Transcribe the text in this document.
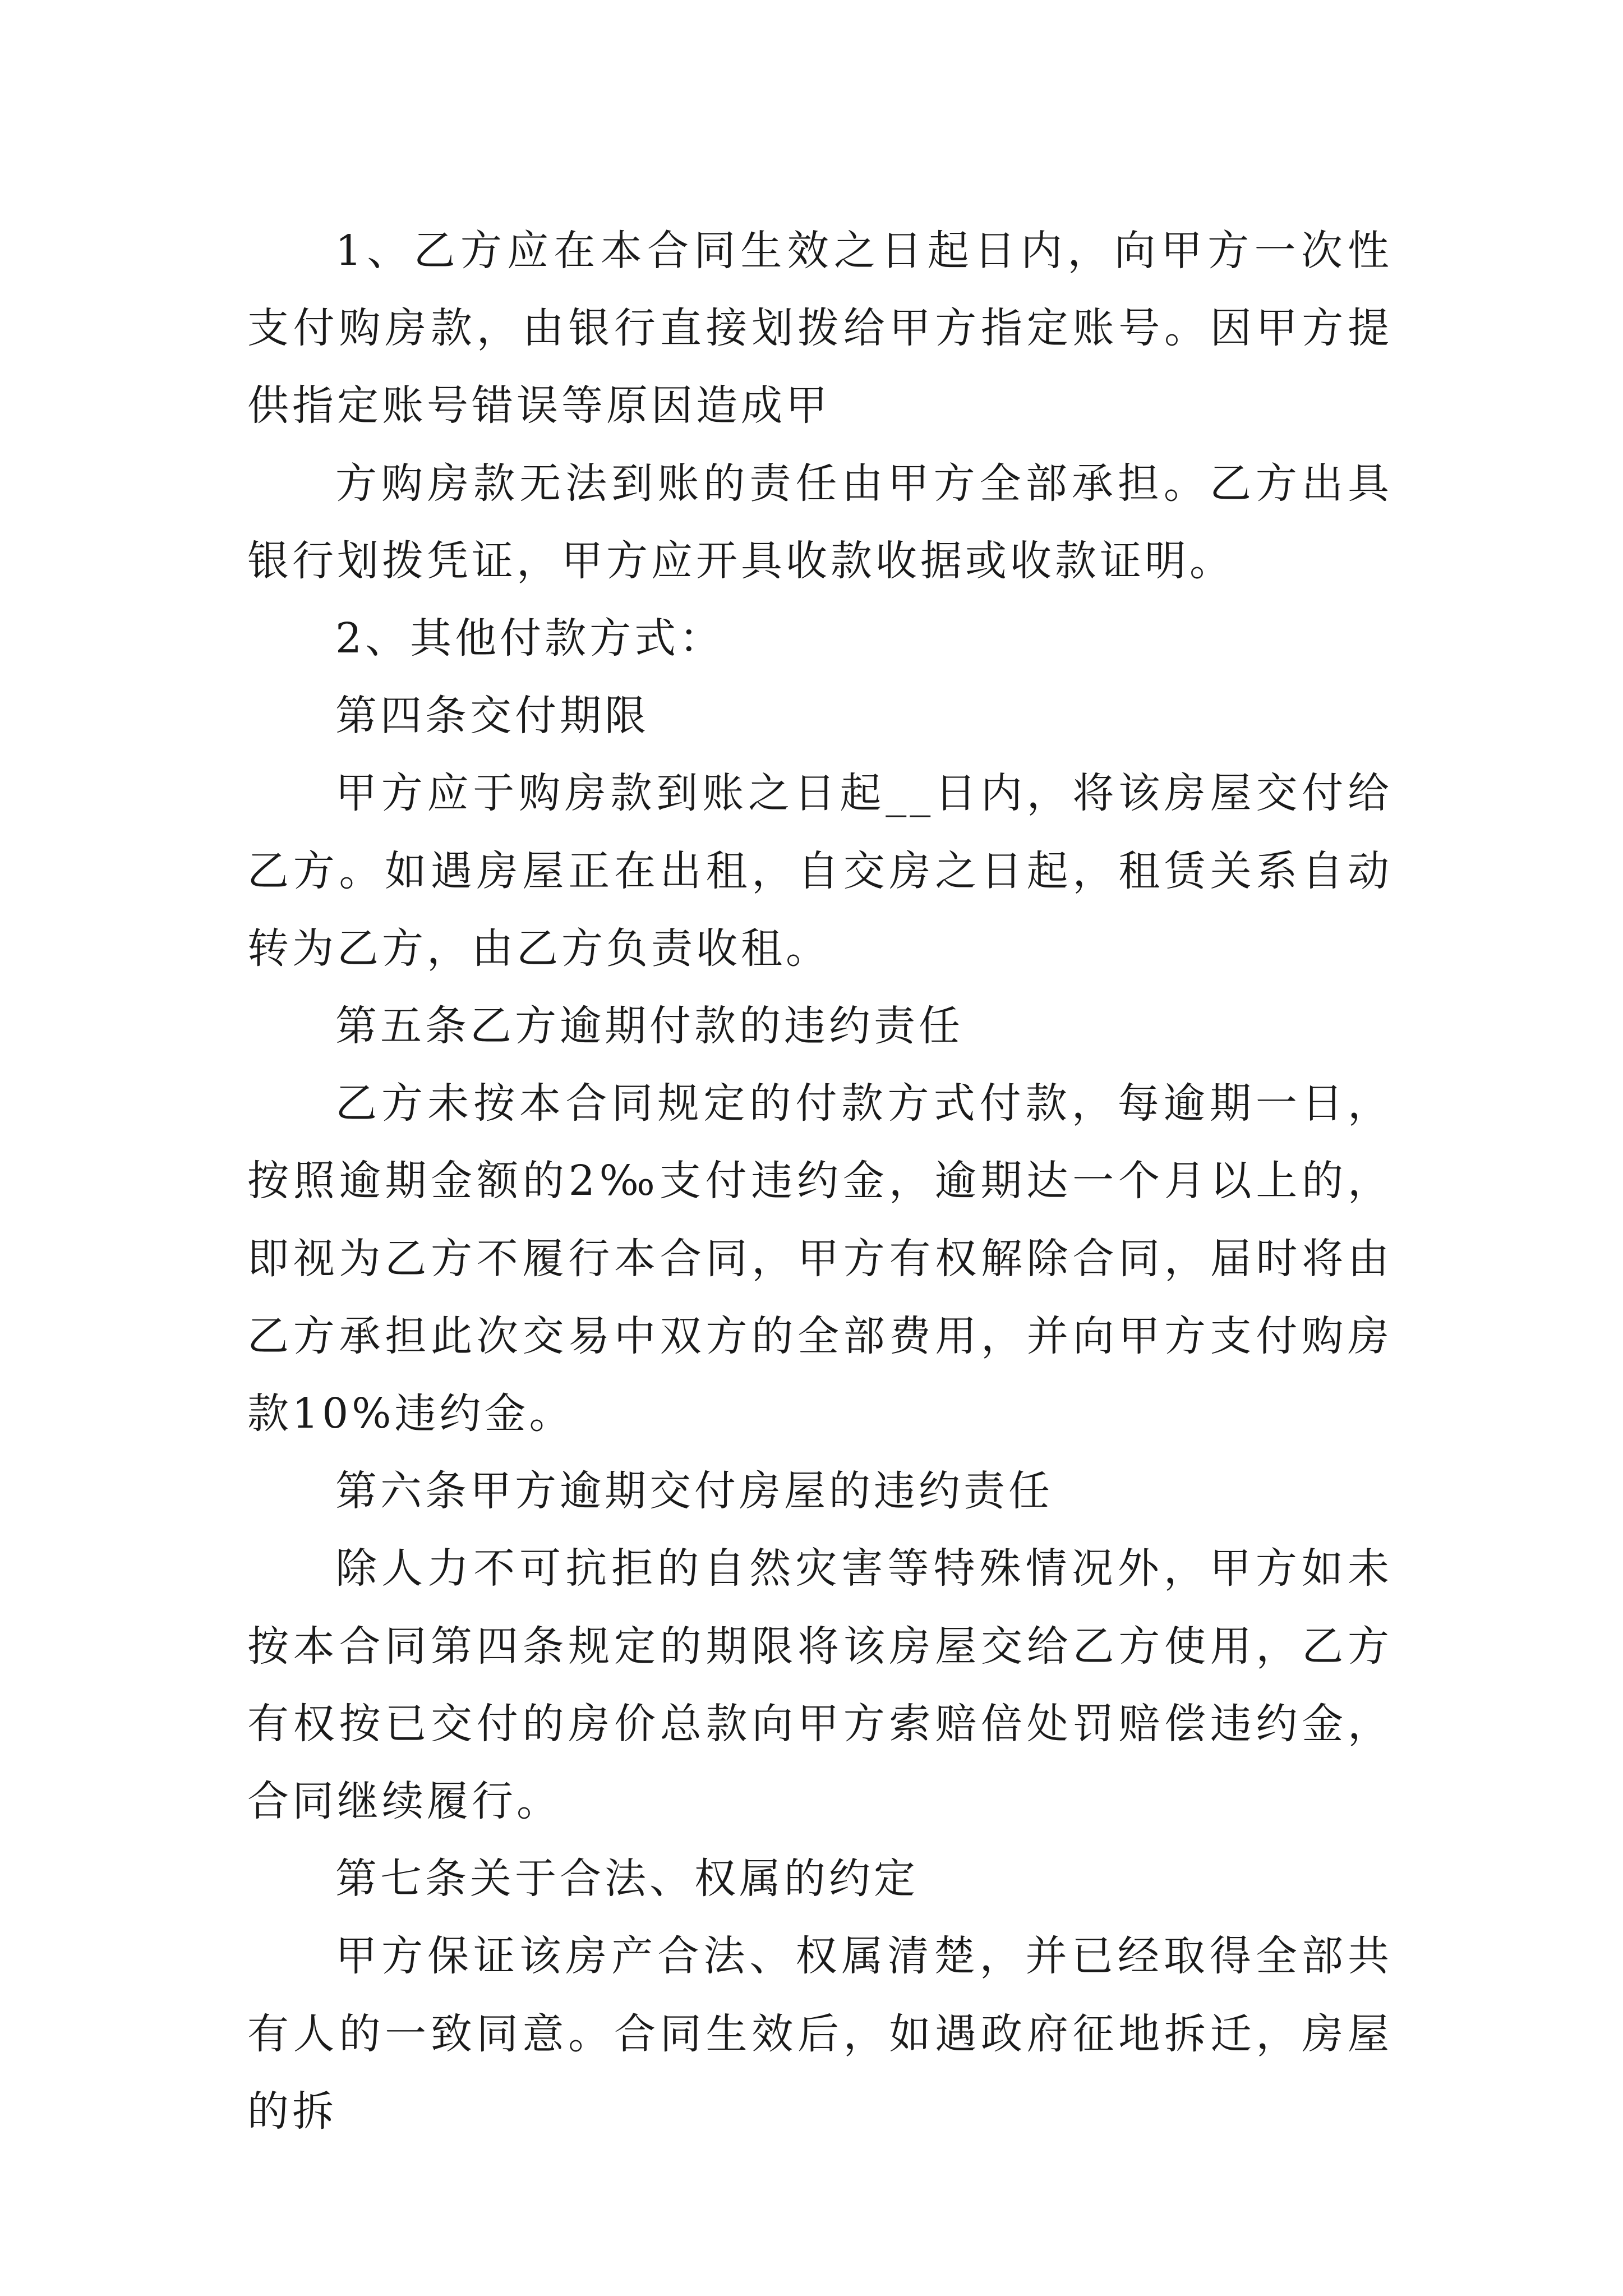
1、乙方应在本合同生效之日起日内，向甲方一次性支付购房款，由银行直接划拨给甲方指定账号。因甲方提供指定账号错误等原因造成甲

方购房款无法到账的责任由甲方全部承担。乙方出具银行划拨凭证，甲方应开具收款收据或收款证明。

2、其他付款方式：

第四条交付期限

甲方应于购房款到账之日起__日内，将该房屋交付给乙方。如遇房屋正在出租，自交房之日起，租赁关系自动转为乙方，由乙方负责收租。

第五条乙方逾期付款的违约责任

乙方未按本合同规定的付款方式付款，每逾期一日，按照逾期金额的2‰支付违约金，逾期达一个月以上的，即视为乙方不履行本合同，甲方有权解除合同，届时将由乙方承担此次交易中双方的全部费用，并向甲方支付购房款10%违约金。

第六条甲方逾期交付房屋的违约责任

除人力不可抗拒的自然灾害等特殊情况外，甲方如未按本合同第四条规定的期限将该房屋交给乙方使用，乙方有权按已交付的房价总款向甲方索赔倍处罚赔偿违约金，合同继续履行。

第七条关于合法、权属的约定

甲方保证该房产合法、权属清楚，并已经取得全部共有人的一致同意。合同生效后，如遇政府征地拆迁，房屋的拆
